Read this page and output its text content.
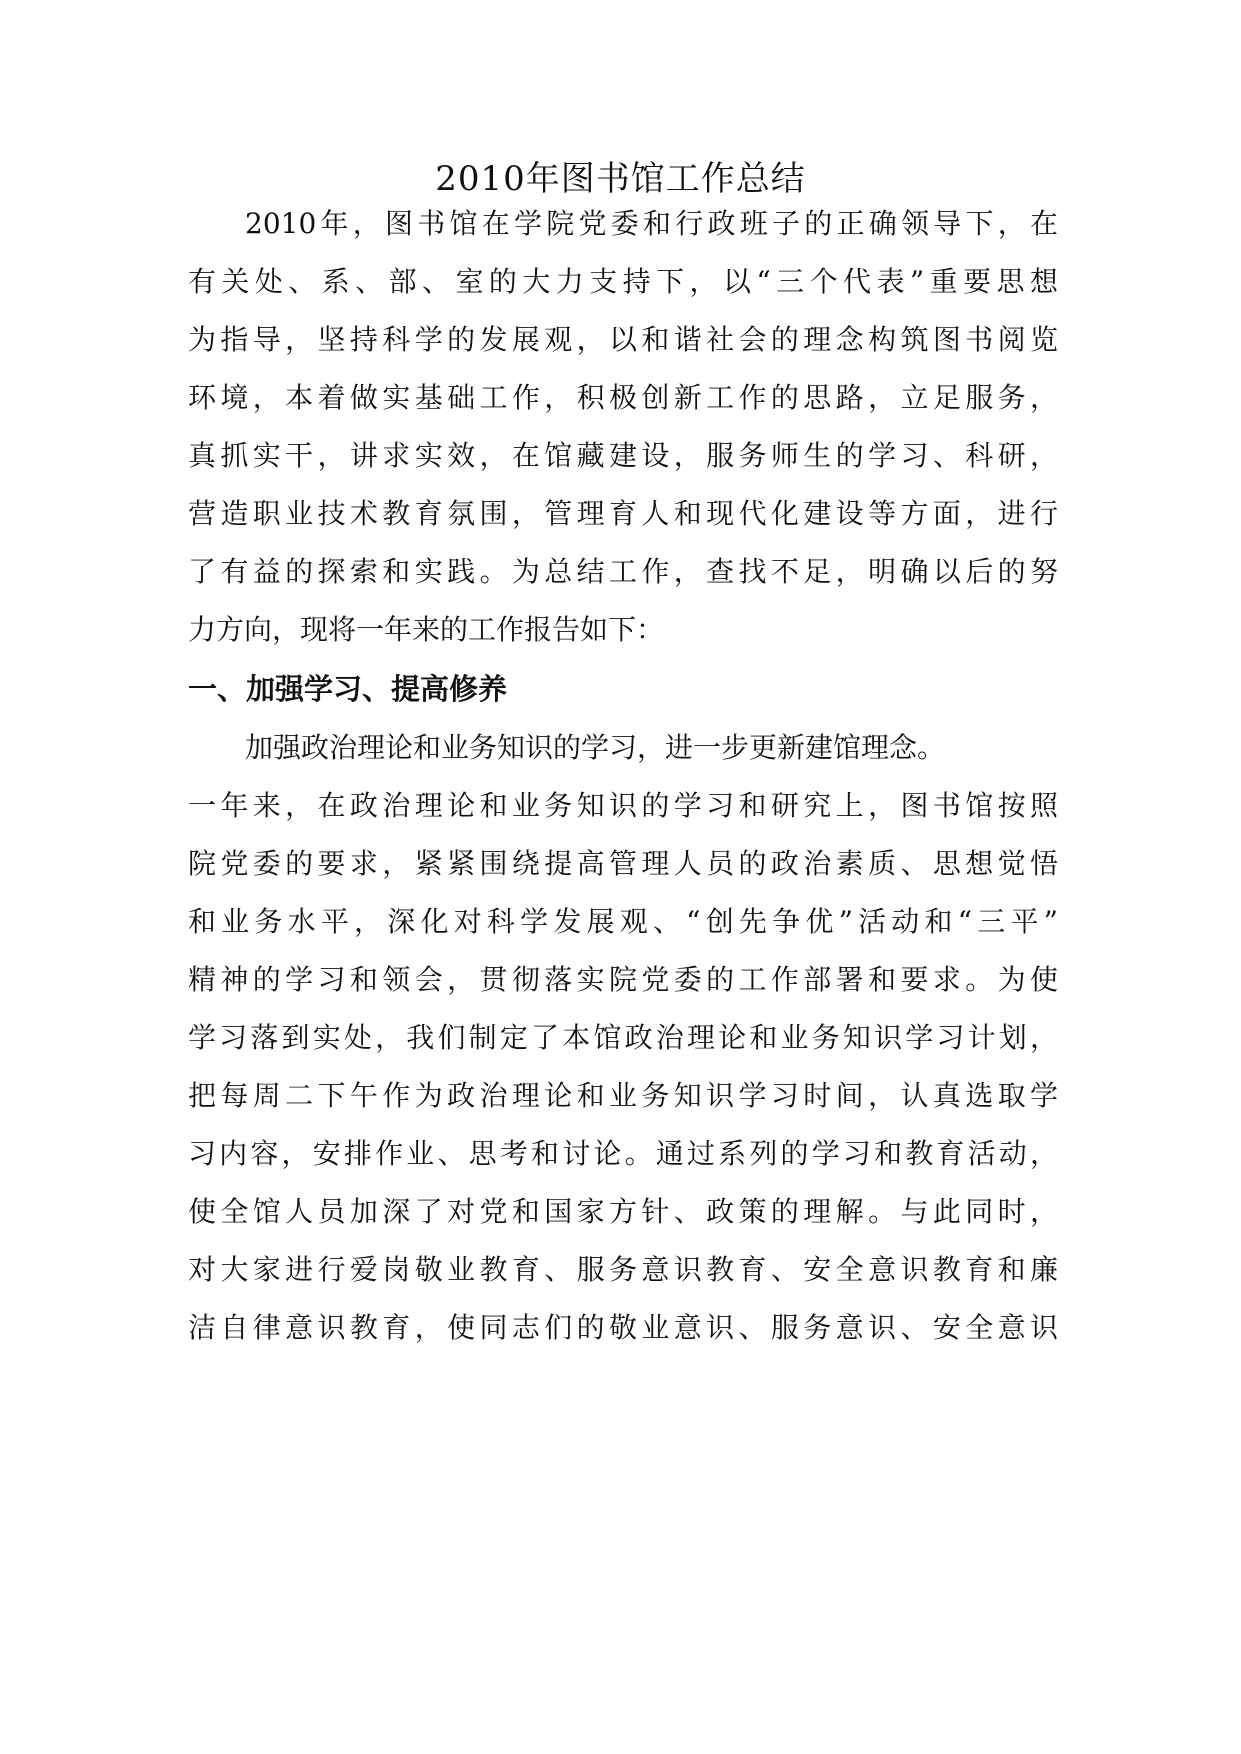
2010年图书馆工作总结
2010年，图书馆在学院党委和行政班子的正确领导下，在
有关处、系、部、室的大力支持下，以“三个代表”重要思想
为指导，坚持科学的发展观，以和谐社会的理念构筑图书阅览
环境，本着做实基础工作，积极创新工作的思路，立足服务，
真抓实干，讲求实效，在馆藏建设，服务师生的学习、科研，
营造职业技术教育氛围，管理育人和现代化建设等方面，进行
了有益的探索和实践。为总结工作，查找不足，明确以后的努
力方向，现将一年来的工作报告如下：
一、加强学习、提高修养
加强政治理论和业务知识的学习，进一步更新建馆理念。
一年来，在政治理论和业务知识的学习和研究上，图书馆按照
院党委的要求，紧紧围绕提高管理人员的政治素质、思想觉悟
和业务水平，深化对科学发展观、“创先争优”活动和“三平”
精神的学习和领会，贯彻落实院党委的工作部署和要求。为使
学习落到实处，我们制定了本馆政治理论和业务知识学习计划，
把每周二下午作为政治理论和业务知识学习时间，认真选取学
习内容，安排作业、思考和讨论。通过系列的学习和教育活动，
使全馆人员加深了对党和国家方针、政策的理解。与此同时，
对大家进行爱岗敬业教育、服务意识教育、安全意识教育和廉
洁自律意识教育，使同志们的敬业意识、服务意识、安全意识
